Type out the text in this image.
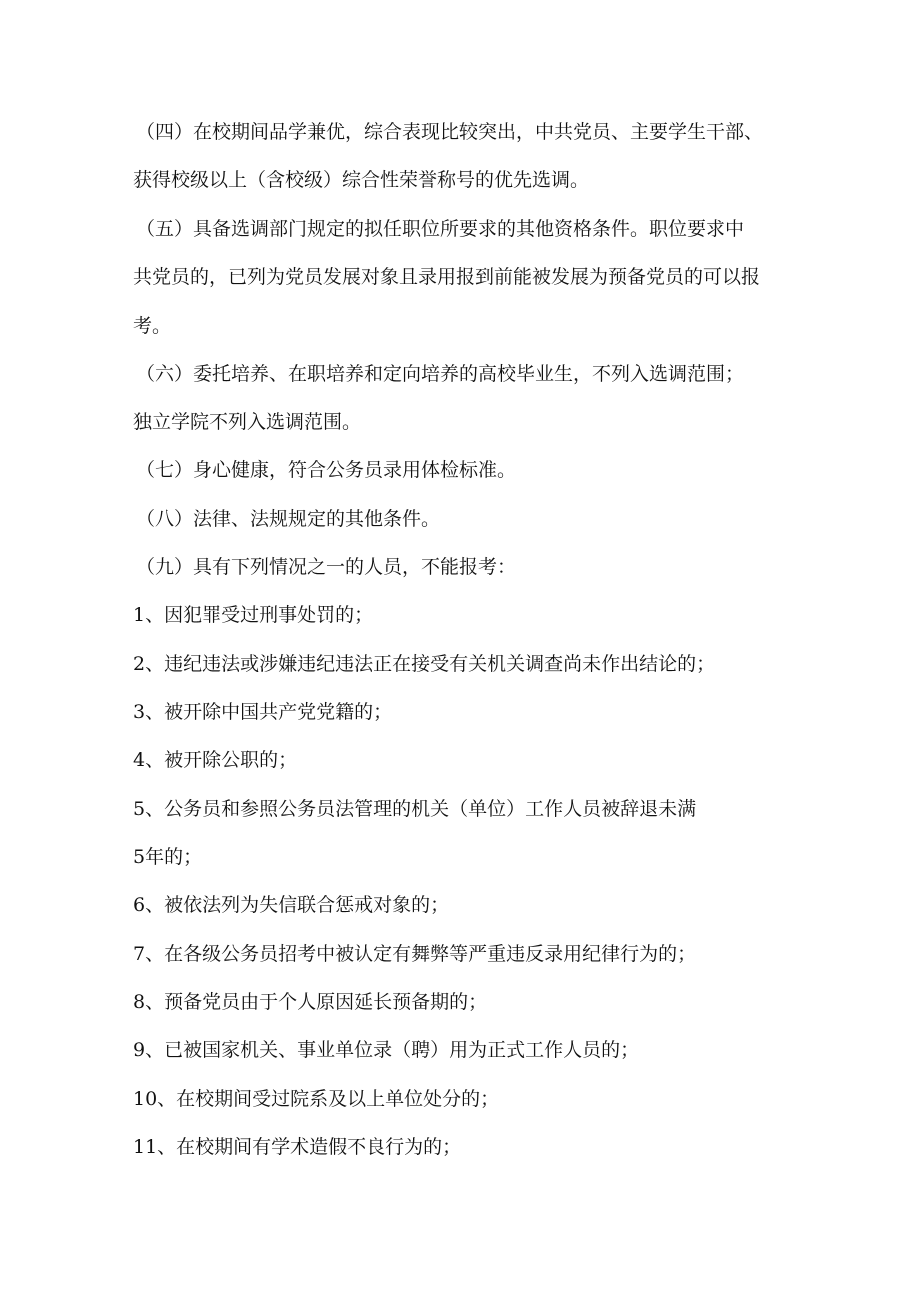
（四）在校期间品学兼优，综合表现比较突出，中共党员、主要学生干部、
获得校级以上（含校级）综合性荣誉称号的优先选调。
（五）具备选调部门规定的拟任职位所要求的其他资格条件。职位要求中
共党员的，已列为党员发展对象且录用报到前能被发展为预备党员的可以报
考。
（六）委托培养、在职培养和定向培养的高校毕业生，不列入选调范围；
独立学院不列入选调范围。
（七）身心健康，符合公务员录用体检标准。
（八）法律、法规规定的其他条件。
（九）具有下列情况之一的人员，不能报考：
1、因犯罪受过刑事处罚的；
2、违纪违法或涉嫌违纪违法正在接受有关机关调查尚未作出结论的；
3、被开除中国共产党党籍的；
4、被开除公职的；
5、公务员和参照公务员法管理的机关（单位）工作人员被辞退未满
5年的；
6、被依法列为失信联合惩戒对象的；
7、在各级公务员招考中被认定有舞弊等严重违反录用纪律行为的；
8、预备党员由于个人原因延长预备期的；
9、已被国家机关、事业单位录（聘）用为正式工作人员的；
10、在校期间受过院系及以上单位处分的；
11、在校期间有学术造假不良行为的；
